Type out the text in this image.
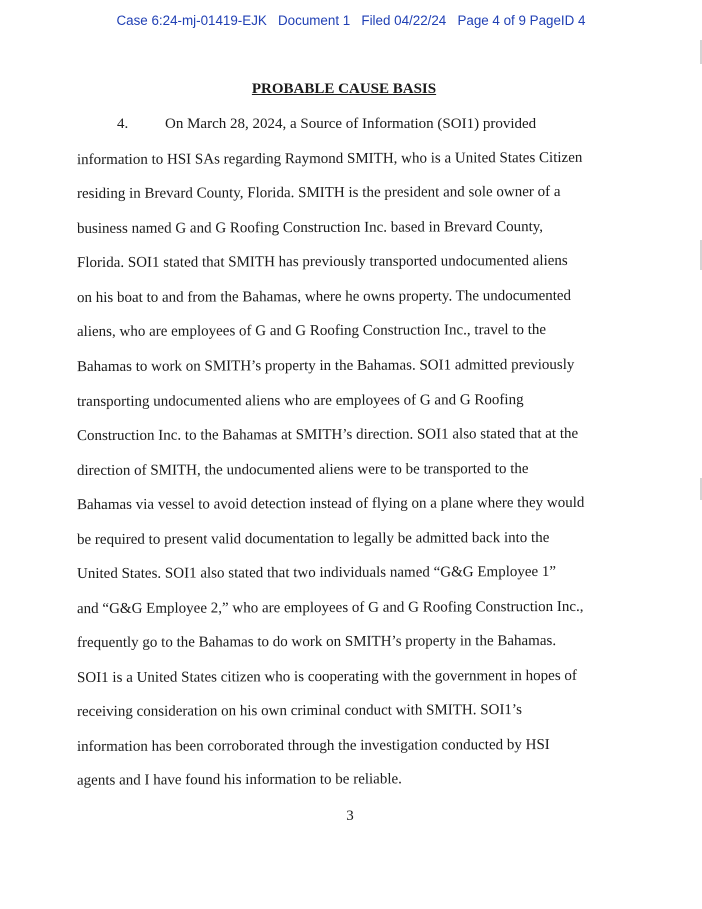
Case 6:24-mj-01419-EJK Document 1 Filed 04/22/24 Page 4 of 9 PageID 4
PROBABLE CAUSE BASIS
4. On March 28, 2024, a Source of Information (SOI1) provided
information to HSI SAs regarding Raymond SMITH, who is a United States Citizen
residing in Brevard County, Florida. SMITH is the president and sole owner of a
business named G and G Roofing Construction Inc. based in Brevard County,
Florida. SOI1 stated that SMITH has previously transported undocumented aliens
on his boat to and from the Bahamas, where he owns property. The undocumented
aliens, who are employees of G and G Roofing Construction Inc., travel to the
Bahamas to work on SMITH’s property in the Bahamas. SOI1 admitted previously
transporting undocumented aliens who are employees of G and G Roofing
Construction Inc. to the Bahamas at SMITH’s direction. SOI1 also stated that at the
direction of SMITH, the undocumented aliens were to be transported to the
Bahamas via vessel to avoid detection instead of flying on a plane where they would
be required to present valid documentation to legally be admitted back into the
United States. SOI1 also stated that two individuals named “G&G Employee 1”
and “G&G Employee 2,” who are employees of G and G Roofing Construction Inc.,
frequently go to the Bahamas to do work on SMITH’s property in the Bahamas.
SOI1 is a United States citizen who is cooperating with the government in hopes of
receiving consideration on his own criminal conduct with SMITH. SOI1’s
information has been corroborated through the investigation conducted by HSI
agents and I have found his information to be reliable.
3
